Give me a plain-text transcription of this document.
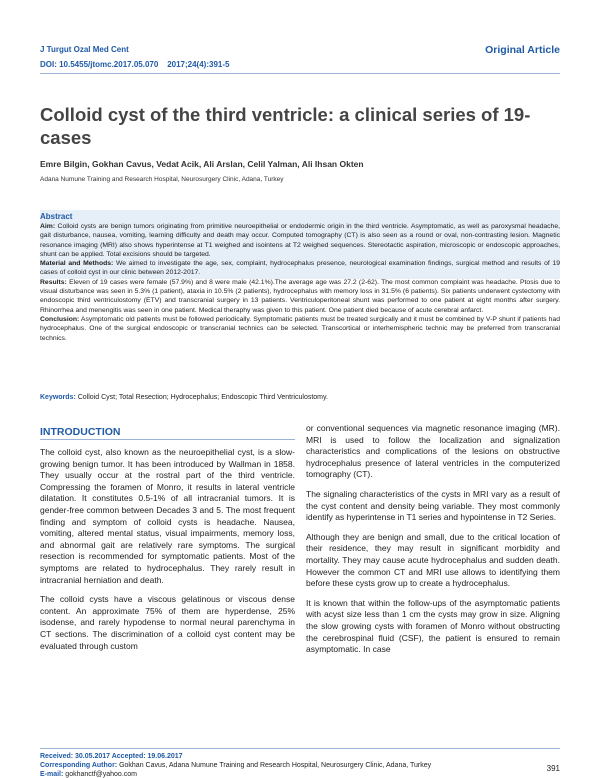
J Turgut Ozal Med Cent
DOI: 10.5455/jtomc.2017.05.070 2017;24(4):391-5
Original Article
Colloid cyst of the third ventricle: a clinical series of 19-cases
Emre Bilgin, Gokhan Cavus, Vedat Acik, Ali Arslan, Celil Yalman, Ali Ihsan Okten
Adana Numune Training and Research Hospital, Neurosurgery Clinic, Adana, Turkey
Abstract

Aim: Colloid cysts are benign tumors originating from primitive neuroepithelial or endodermic origin in the third ventricle. Asymptomatic, as well as paroxysmal headache, gait disturbance, nausea, vomiting, learning difficulty and death may occur. Computed tomography (CT) is also seen as a round or oval, non-contrasting lesion. Magnetic resonance imaging (MRI) also shows hyperintense at T1 weighed and isointens at T2 weighed sequences. Stereotactic aspiration, microscopic or endoscopic approaches, shunt can be applied. Total excisions should be targeted.

Material and Methods: We aimed to investigate the age, sex, complaint, hydrocephalus presence, neurological examination findings, surgical method and results of 19 cases of colloid cyst in our clinic between 2012-2017.

Results: Eleven of 19 cases were female (57.9%) and 8 were male (42.1%).The average age was 27.2 (2-62). The most common complaint was headache. Ptosis due to visual disturbance was seen in 5.3% (1 patient), ataxia in 10.5% (2 patients), hydrocephalus with memory loss in 31.5% (6 patients). Six patients underwent cystectomy with endoscopic third ventriculostomy (ETV) and transcranial surgery in 13 patients. Ventriculoperitoneal shunt was performed to one patient at eight months after surgery. Rhinorrhea and menengitis was seen in one patient. Medical theraphy was given to this patient. One patient died because of acute cerebral anfarct.

Conclusion: Asymptomatic old patients must be followed periodically. Symptomatic patients must be treated surgically and it must be combined by V-P shunt if patients had hydrocephalus. One of the surgical endoscopic or transcranial technics can be selected. Transcortical or interhemispheric technic may be preferred from transcranial technics.

Keywords: Colloid Cyst; Total Resection; Hydrocephalus; Endoscopic Third Ventriculostomy.
INTRODUCTION

The colloid cyst, also known as the neuroepithelial cyst, is a slow-growing benign tumor. It has been introduced by Wallman in 1858. They usually occur at the rostral part of the third ventricle. Compressing the foramen of Monro, it results in lateral ventricle dilatation. It constitutes 0.5-1% of all intracranial tumors. It is gender-free common between Decades 3 and 5. The most frequent finding and symptom of colloid cysts is headache. Nausea, vomiting, altered mental status, visual impairments, memory loss, and abnormal gait are relatively rare symptoms. The surgical resection is recommended for symptomatic patients. Most of the symptoms are related to hydrocephalus. They rarely result in intracranial herniation and death.

The colloid cysts have a viscous gelatinous or viscous dense content. An approximate 75% of them are hyperdense, 25% isodense, and rarely hypodense to normal neural parenchyma in CT sections. The discrimination of a colloid cyst content may be evaluated through custom

or conventional sequences via magnetic resonance imaging (MR). MRI is used to follow the localization and signalization characteristics and complications of the lesions on obstructive hydrocephalus presence of lateral ventricles in the computerized tomography (CT).

The signaling characteristics of the cysts in MRI vary as a result of the cyst content and density being variable. They most commonly identify as hyperintense in T1 series and hypointense in T2 Series.

Although they are benign and small, due to the critical location of their residence, they may result in significant morbidity and mortality. They may cause acute hydrocephalus and sudden death. However the common CT and MRI use allows to identifying them before these cysts grow up to create a hydrocephalus.

It is known that within the follow-ups of the asymptomatic patients with acyst size less than 1 cm the cysts may grow in size. Aligning the slow growing cysts with foramen of Monro without obstructing the cerebrospinal fluid (CSF), the patient is ensured to remain asymptomatic. In case

Received: 30.05.2017 Accepted: 19.06.2017
Corresponding Author: Gokhan Cavus, Adana Numune Training and Research Hospital, Neurosurgery Clinic, Adana, Turkey
E-mail: gokhanctf@yahoo.com
391
